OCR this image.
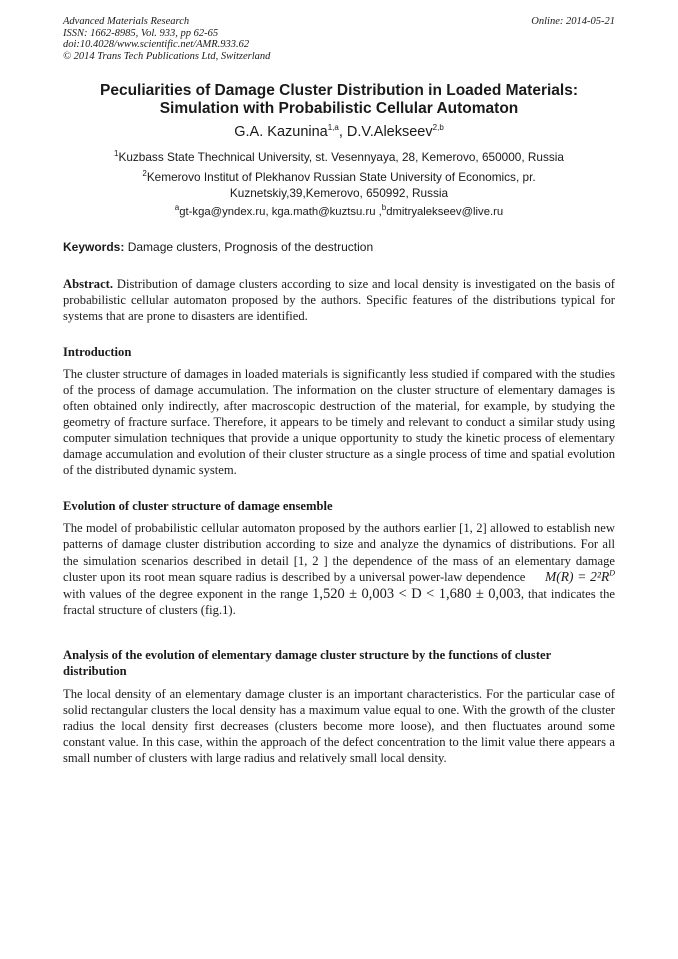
Advanced Materials Research
ISSN: 1662-8985, Vol. 933, pp 62-65
doi:10.4028/www.scientific.net/AMR.933.62
© 2014 Trans Tech Publications Ltd, Switzerland
Online: 2014-05-21
Peculiarities of Damage Cluster Distribution in Loaded Materials:
Simulation with Probabilistic Cellular Automaton
G.A. Kazunina$^{1,a}$, D.V.Alekseev$^{2,b}$
$^1$Kuzbass State Thechnical University, st. Vesennyaya, 28, Kemerovo, 650000, Russia
$^2$Kemerovo Institut of Plekhanov Russian State University of Economics, pr.
Kuznetskiy,39,Kemerovo, 650992, Russia
$^a$gt-kga@yndex.ru, kga.math@kuztsu.ru ,$^b$dmitryalekseev@live.ru
Keywords: Damage clusters, Prognosis of the destruction
Abstract. Distribution of damage clusters according to size and local density is investigated on the basis of probabilistic cellular automaton proposed by the authors. Specific features of the distributions typical for systems that are prone to disasters are identified.
Introduction
The cluster structure of damages in loaded materials is significantly less studied if compared with the studies of the process of damage accumulation. The information on the cluster structure of elementary damages is often obtained only indirectly, after macroscopic destruction of the material, for example, by studying the geometry of fracture surface. Therefore, it appears to be timely and relevant to conduct a similar study using computer simulation techniques that provide a unique opportunity to study the kinetic process of elementary damage accumulation and evolution of their cluster structure as a single process of time and spatial evolution of the distributed dynamic system.
Evolution of cluster structure of damage ensemble
The model of probabilistic cellular automaton proposed by the authors earlier [1, 2] allowed to establish new patterns of damage cluster distribution according to size and analyze the dynamics of distributions. For all the simulation scenarios described in detail [1, 2 ] the dependence of the mass of an elementary damage cluster upon its root mean square radius is described by a universal power-law dependence $M(R) = 2^2R^D$ with values of the degree exponent in the range 1,520 ± 0,003 < D < 1,680 ± 0,003, that indicates the fractal structure of clusters (fig.1).
Analysis of the evolution of elementary damage cluster structure by the functions of cluster distribution
The local density of an elementary damage cluster is an important characteristics. For the particular case of solid rectangular clusters the local density has a maximum value equal to one. With the growth of the cluster radius the local density first decreases (clusters become more loose), and then fluctuates around some constant value. In this case, within the approach of the defect concentration to the limit value there appears a small number of clusters with large radius and relatively small local density.
